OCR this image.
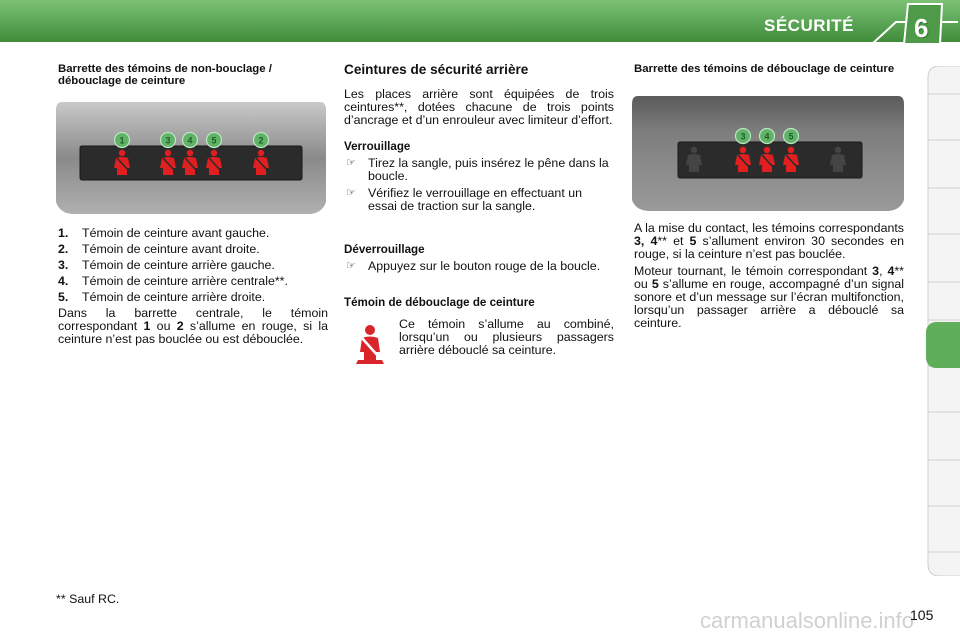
SÉCURITÉ 6

Barrette des témoins de non-bouclage / débouclage de ceinture

1	3 4 5	2
1. Témoin de ceinture avant gauche.
2. Témoin de ceinture avant droite.
3. Témoin de ceinture arrière gauche.
4. Témoin de ceinture arrière centrale**.
5. Témoin de ceinture arrière droite.

Dans la barrette centrale, le témoin correspondant 1 ou 2 s’allume en rouge, si la ceinture n’est pas bouclée ou est débouclée.

Ceintures de sécurité arrière

Les places arrière sont équipées de trois ceintures**, dotées chacune de trois points d’ancrage et d’un enrouleur avec limiteur d’effort.

Verrouillage

☞ Tirez la sangle, puis insérez le pêne dans la boucle.
☞ Vérifiez le verrouillage en effectuant un essai de traction sur la sangle.

Déverrouillage

☞ Appuyez sur le bouton rouge de la boucle.

Témoin de débouclage de ceinture

Ce témoin s’allume au combiné, lorsqu’un ou plusieurs passagers arrière débouclé sa ceinture.

Barrette des témoins de débouclage de ceinture

3 4 5

A la mise du contact, les témoins correspondants 3, 4** et 5 s’allument environ 30 secondes en rouge, si la ceinture n’est pas bouclée.

Moteur tournant, le témoin correspondant 3, 4** ou 5 s’allume en rouge, accompagné d’un signal sonore et d’un message sur l’écran multifonction, lorsqu’un passager arrière a débouclé sa ceinture.

** Sauf RC.
carmanualsonline.info
105
